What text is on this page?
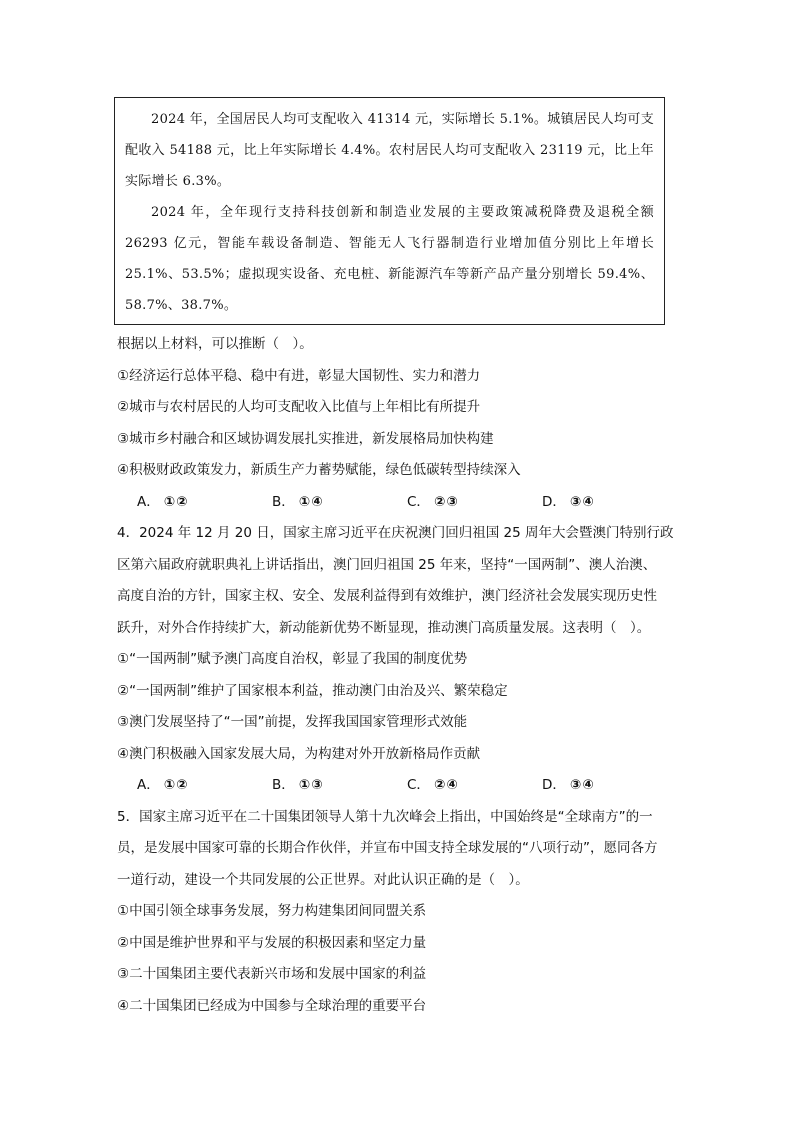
2024 年，全国居民人均可支配收入 41314 元，实际增长 5.1%。城镇居民人均可支配收入 54188 元，比上年实际增长 4.4%。农村居民人均可支配收入 23119 元，比上年实际增长 6.3%。

2024 年，全年现行支持科技创新和制造业发展的主要政策减税降费及退税全额 26293 亿元，智能车载设备制造、智能无人飞行器制造行业增加值分别比上年增长 25.1%、53.5%；虚拟现实设备、充电桩、新能源汽车等新产品产量分别增长 59.4%、58.7%、38.7%。

根据以上材料，可以推断（　）。
①经济运行总体平稳、稳中有进，彰显大国韧性、实力和潜力
②城市与农村居民的人均可支配收入比值与上年相比有所提升
③城市乡村融合和区域协调发展扎实推进，新发展格局加快构建
④积极财政政策发力，新质生产力蓄势赋能，绿色低碳转型持续深入
A． ①②	B． ①④	C． ②③	D． ③④
4．2024 年 12 月 20 日，国家主席习近平在庆祝澳门回归祖国 25 周年大会暨澳门特别行政
区第六届政府就职典礼上讲话指出，澳门回归祖国 25 年来，坚持“一国两制”、澳人治澳、
高度自治的方针，国家主权、安全、发展利益得到有效维护，澳门经济社会发展实现历史性
跃升，对外合作持续扩大，新动能新优势不断显现，推动澳门高质量发展。这表明（　）。
①“一国两制”赋予澳门高度自治权，彰显了我国的制度优势
②“一国两制”维护了国家根本利益，推动澳门由治及兴、繁荣稳定
③澳门发展坚持了“一国”前提，发挥我国国家管理形式效能
④澳门积极融入国家发展大局，为构建对外开放新格局作贡献
A． ①②	B． ①③	C． ②④	D． ③④
5．国家主席习近平在二十国集团领导人第十九次峰会上指出，中国始终是“全球南方”的一
员，是发展中国家可靠的长期合作伙伴，并宣布中国支持全球发展的“八项行动”，愿同各方
一道行动，建设一个共同发展的公正世界。对此认识正确的是（　）。
①中国引领全球事务发展，努力构建集团间同盟关系
②中国是维护世界和平与发展的积极因素和坚定力量
③二十国集团主要代表新兴市场和发展中国家的利益
④二十国集团已经成为中国参与全球治理的重要平台
